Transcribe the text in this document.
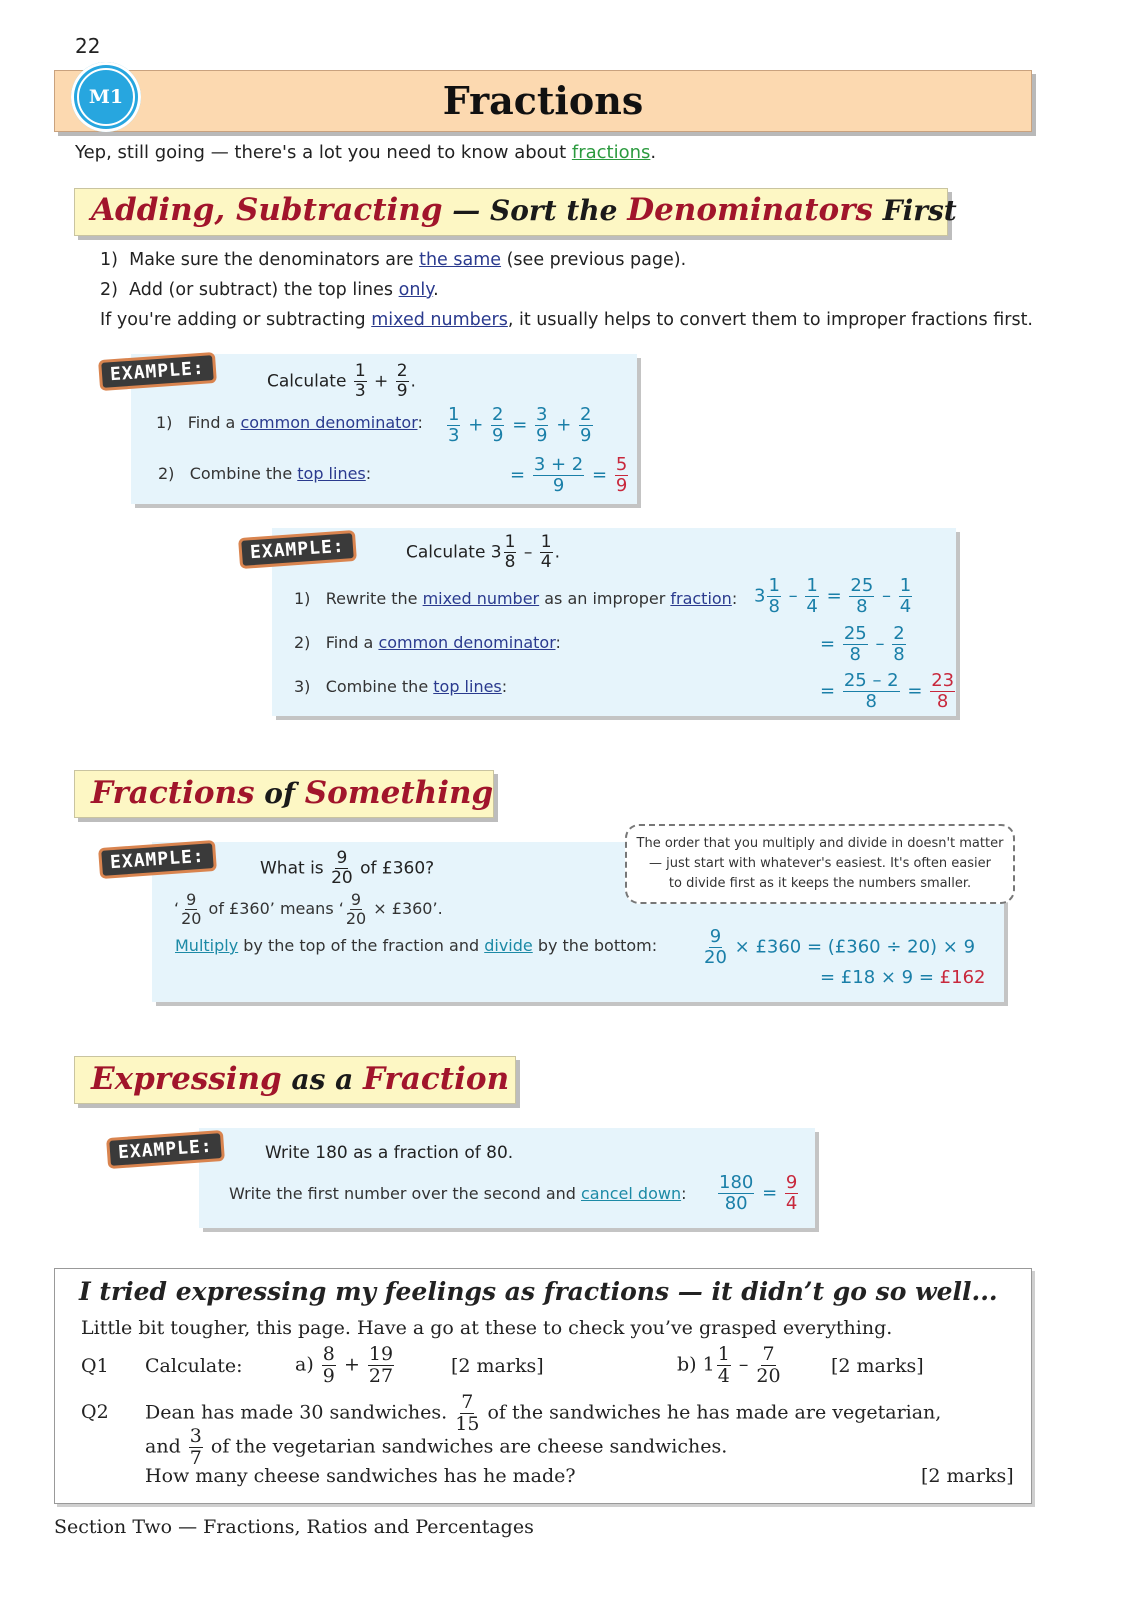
22
Fractions
M1
Yep, still going — there's a lot you need to know about fractions.
Adding, Subtracting — Sort the Denominators First
1) Make sure the denominators are the same (see previous page).
2) Add (or subtract) the top lines only.
If you're adding or subtracting mixed numbers, it usually helps to convert them to improper fractions first.
EXAMPLE:	Calculate $\frac{1}{3} + \frac{2}{9}$ .
1) Find a common denominator: $\frac{1}{3} + \frac{2}{9} = \frac{3}{9} + \frac{2}{9}$
2) Combine the top lines:	= $\frac{3 + 2}{9} = \frac{5}{9}$
EXAMPLE:	Calculate $3 \frac{1}{8} - \frac{1}{4}$ .
1) Rewrite the mixed number as an improper fraction: $3 \frac{1}{8} - \frac{1}{4} = \frac{25}{8} - \frac{1}{4}$
2) Find a common denominator:	= $\frac{25}{8} - \frac{2}{8}$
3) Combine the top lines:	= $\frac{25 - 2}{8} = \frac{23}{8}$
Fractions of Something
EXAMPLE:	What is $\frac{9}{20}$ of £360?
‘ $\frac{9}{20}$ of £360’ means ‘ $\frac{9}{20}$ × £360’.
Multiply by the top of the fraction and divide by the bottom:	$\frac{9}{20}$ × £360 = (£360 ÷ 20) × 9
= £18 × 9 = £162
The order that you multiply and divide in doesn't matter
— just start with whatever's easiest. It's often easier
to divide first as it keeps the numbers smaller.
Expressing as a Fraction
EXAMPLE:	Write 180 as a fraction of 80.
Write the first number over the second and cancel down: $\frac{180}{80} = \frac{9}{4}$
I tried expressing my feelings as fractions — it didn’t go so well...
Little bit tougher, this page. Have a go at these to check you’ve grasped everything.
Q1 Calculate:	$a) \frac{8}{9} + \frac{19}{27}$	[2 marks]	b) $1 \frac{1}{4} - \frac{7}{20}$	[2 marks]
Q2 Dean has made 30 sandwiches. $\frac{7}{15}$ of the sandwiches he has made are vegetarian,
and $\frac{3}{7}$ of the vegetarian sandwiches are cheese sandwiches.
How many cheese sandwiches has he made?	[2 marks]
Section Two — Fractions, Ratios and Percentages
